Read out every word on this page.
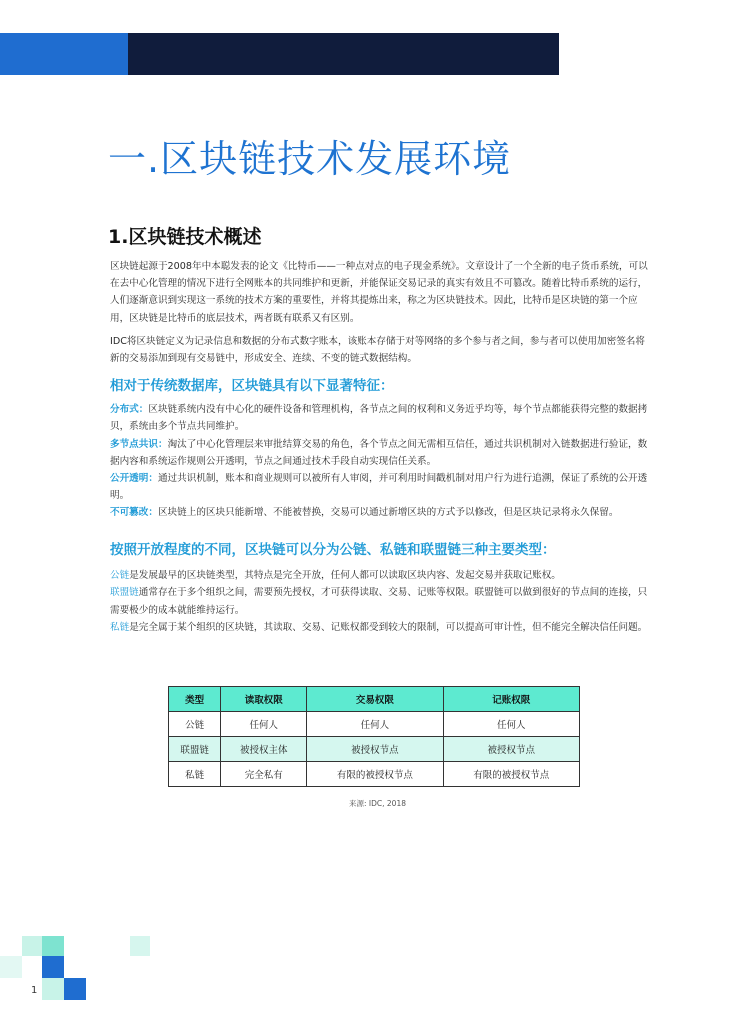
一.区块链技术发展环境
1.区块链技术概述

区块链起源于2008年中本聪发表的论文《比特币——一种点对点的电子现金系统》。文章设计了一个全新的电子货币系统，可以在去中心化管理的情况下进行全网账本的共同维护和更新，并能保证交易记录的真实有效且不可篡改。随着比特币系统的运行，人们逐渐意识到实现这一系统的技术方案的重要性，并将其提炼出来，称之为区块链技术。因此，比特币是区块链的第一个应用，区块链是比特币的底层技术，两者既有联系又有区别。

IDC将区块链定义为记录信息和数据的分布式数字账本，该账本存储于对等网络的多个参与者之间，参与者可以使用加密签名将新的交易添加到现有交易链中，形成安全、连续、不变的链式数据结构。

相对于传统数据库，区块链具有以下显著特征：

分布式：区块链系统内没有中心化的硬件设备和管理机构，各节点之间的权利和义务近乎均等，每个节点都能获得完整的数据拷贝，系统由多个节点共同维护。

多节点共识：淘汰了中心化管理层来审批结算交易的角色，各个节点之间无需相互信任，通过共识机制对入链数据进行验证，数据内容和系统运作规则公开透明，节点之间通过技术手段自动实现信任关系。

公开透明：通过共识机制，账本和商业规则可以被所有人审阅，并可利用时间戳机制对用户行为进行追溯，保证了系统的公开透明。

不可篡改：区块链上的区块只能新增、不能被替换，交易可以通过新增区块的方式予以修改，但是区块记录将永久保留。

按照开放程度的不同，区块链可以分为公链、私链和联盟链三种主要类型：

公链是发展最早的区块链类型，其特点是完全开放，任何人都可以读取区块内容、发起交易并获取记账权。

联盟链通常存在于多个组织之间，需要预先授权，才可获得读取、交易、记账等权限。联盟链可以做到很好的节点间的连接，只需要极少的成本就能维持运行。

私链是完全属于某个组织的区块链，其读取、交易、记账权都受到较大的限制，可以提高可审计性，但不能完全解决信任问题。

类型	读取权限	交易权限	记账权限
公链	任何人	任何人	任何人
联盟链	被授权主体	被授权节点	被授权节点
私链	完全私有	有限的被授权节点	有限的被授权节点
来源: IDC, 2018
1
